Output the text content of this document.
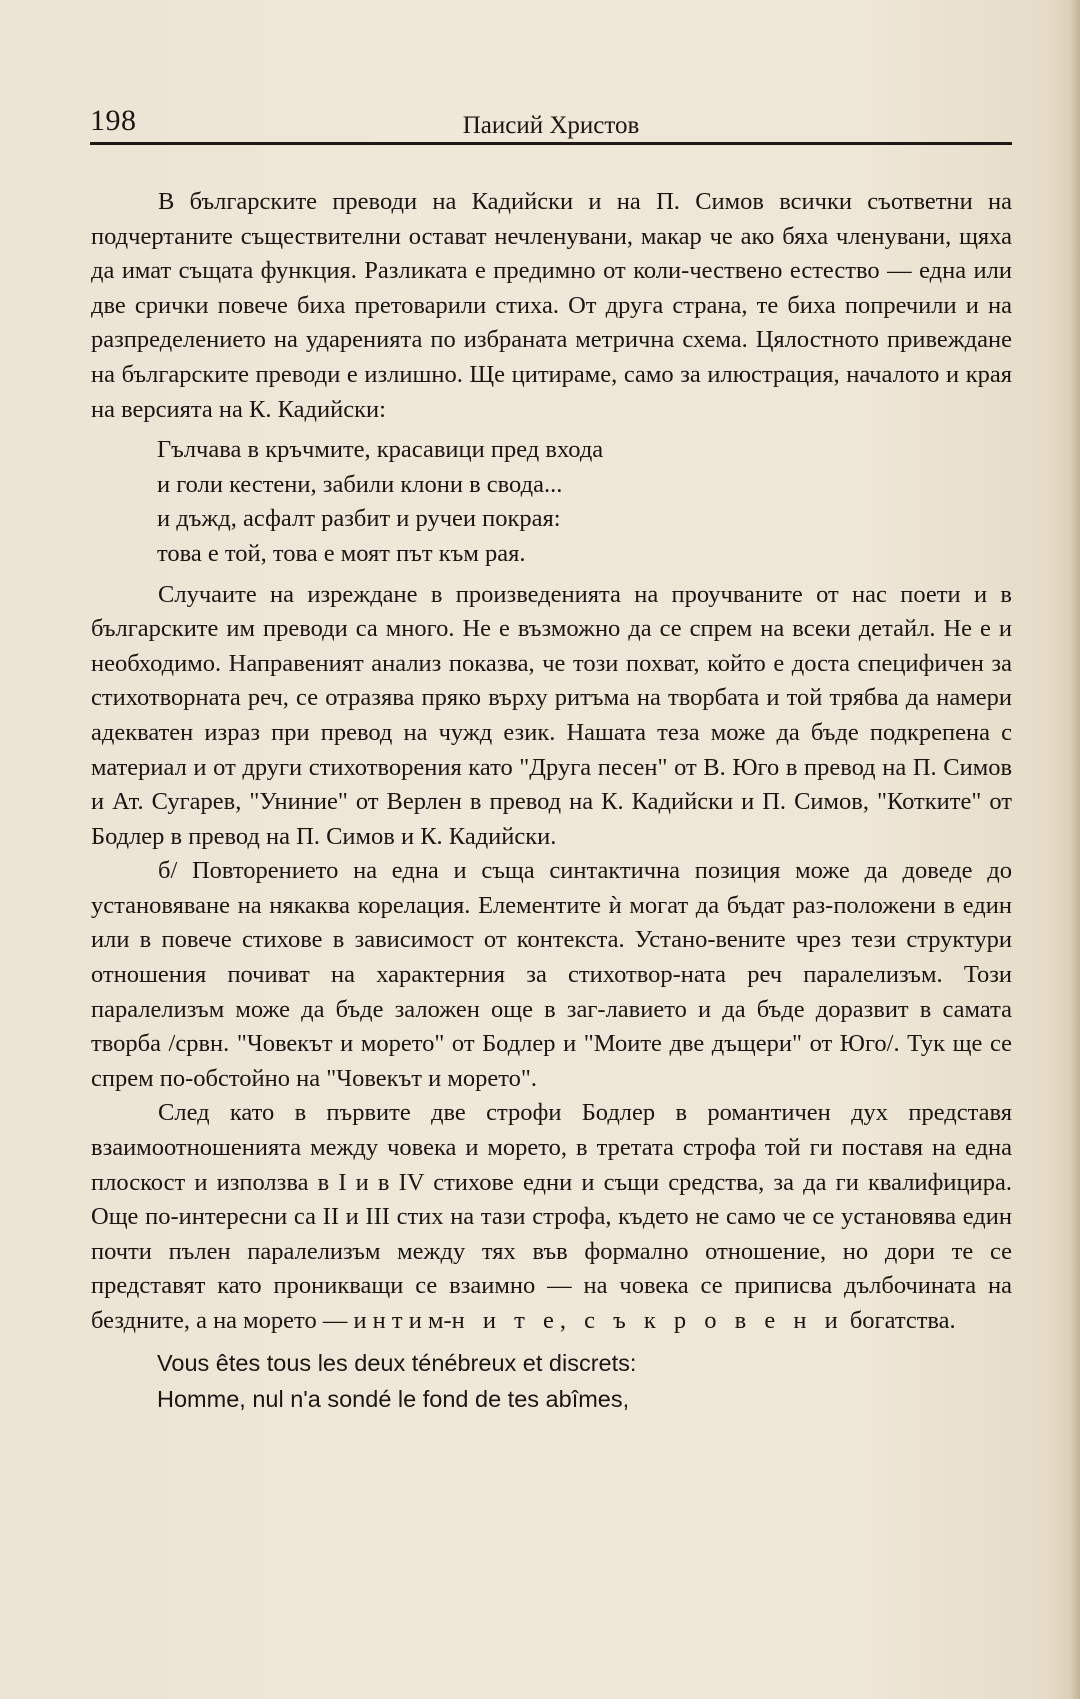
198	Паисий Христов

В българските преводи на Кадийски и на П. Симов всички съответни на подчертаните съществителни остават нечленувани, макар че ако бяха членувани, щяха да имат същата функция. Разликата е предимно от коли-чествено естество — една или две срички повече биха претоварили стиха. От друга страна, те биха попречили и на разпределението на ударенията по избраната метрична схема. Цялостното привеждане на българските преводи е излишно. Ще цитираме, само за илюстрация, началото и края на версията на К. Кадийски:

Гълчава в кръчмите, красавици пред входа
и голи кестени, забили клони в свода...
и дъжд, асфалт разбит и ручеи покрая:
това е той, това е моят път към рая.

Случаите на изреждане в произведенията на проучваните от нас поети и в българските им преводи са много. Не е възможно да се спрем на всеки детайл. Не е и необходимо. Направеният анализ показва, че този похват, който е доста специфичен за стихотворната реч, се отразява пряко върху ритъма на творбата и той трябва да намери адекватен израз при превод на чужд език. Нашата теза може да бъде подкрепена с материал и от други стихотворения като "Друга песен" от В. Юго в превод на П. Симов и Ат. Сугарев, "Униние" от Верлен в превод на К. Кадийски и П. Симов, "Котките" от Бодлер в превод на П. Симов и К. Кадийски.

б/ Повторението на една и съща синтактична позиция може да доведе до установяване на някаква корелация. Елементите ѝ могат да бъдат раз-положени в един или в повече стихове в зависимост от контекста. Устано-вените чрез тези структури отношения почиват на характерния за стихотвор-ната реч паралелизъм. Този паралелизъм може да бъде заложен още в заг-лавието и да бъде доразвит в самата творба /срвн. "Човекът и морето" от Бодлер и "Моите две дъщери" от Юго/. Тук ще се спрем по-обстойно на "Човекът и морето".

След като в първите две строфи Бодлер в романтичен дух представя взаимоотношенията между човека и морето, в третата строфа той ги поставя на една плоскост и използва в I и в IV стихове едни и същи средства, за да ги квалифицира. Още по-интересни са II и III стих на тази строфа, където не само че се установява един почти пълен паралелизъм между тях във формално отношение, но дори те се представят като проникващи се взаимно — на човека се приписва дълбочината на бездните, а на морето — и н т и м-н и т е, с ъ к р о в е н и богатства.

Vous êtes tous les deux ténébreux et discrets:
Homme, nul n'a sondé le fond de tes abîmes,
